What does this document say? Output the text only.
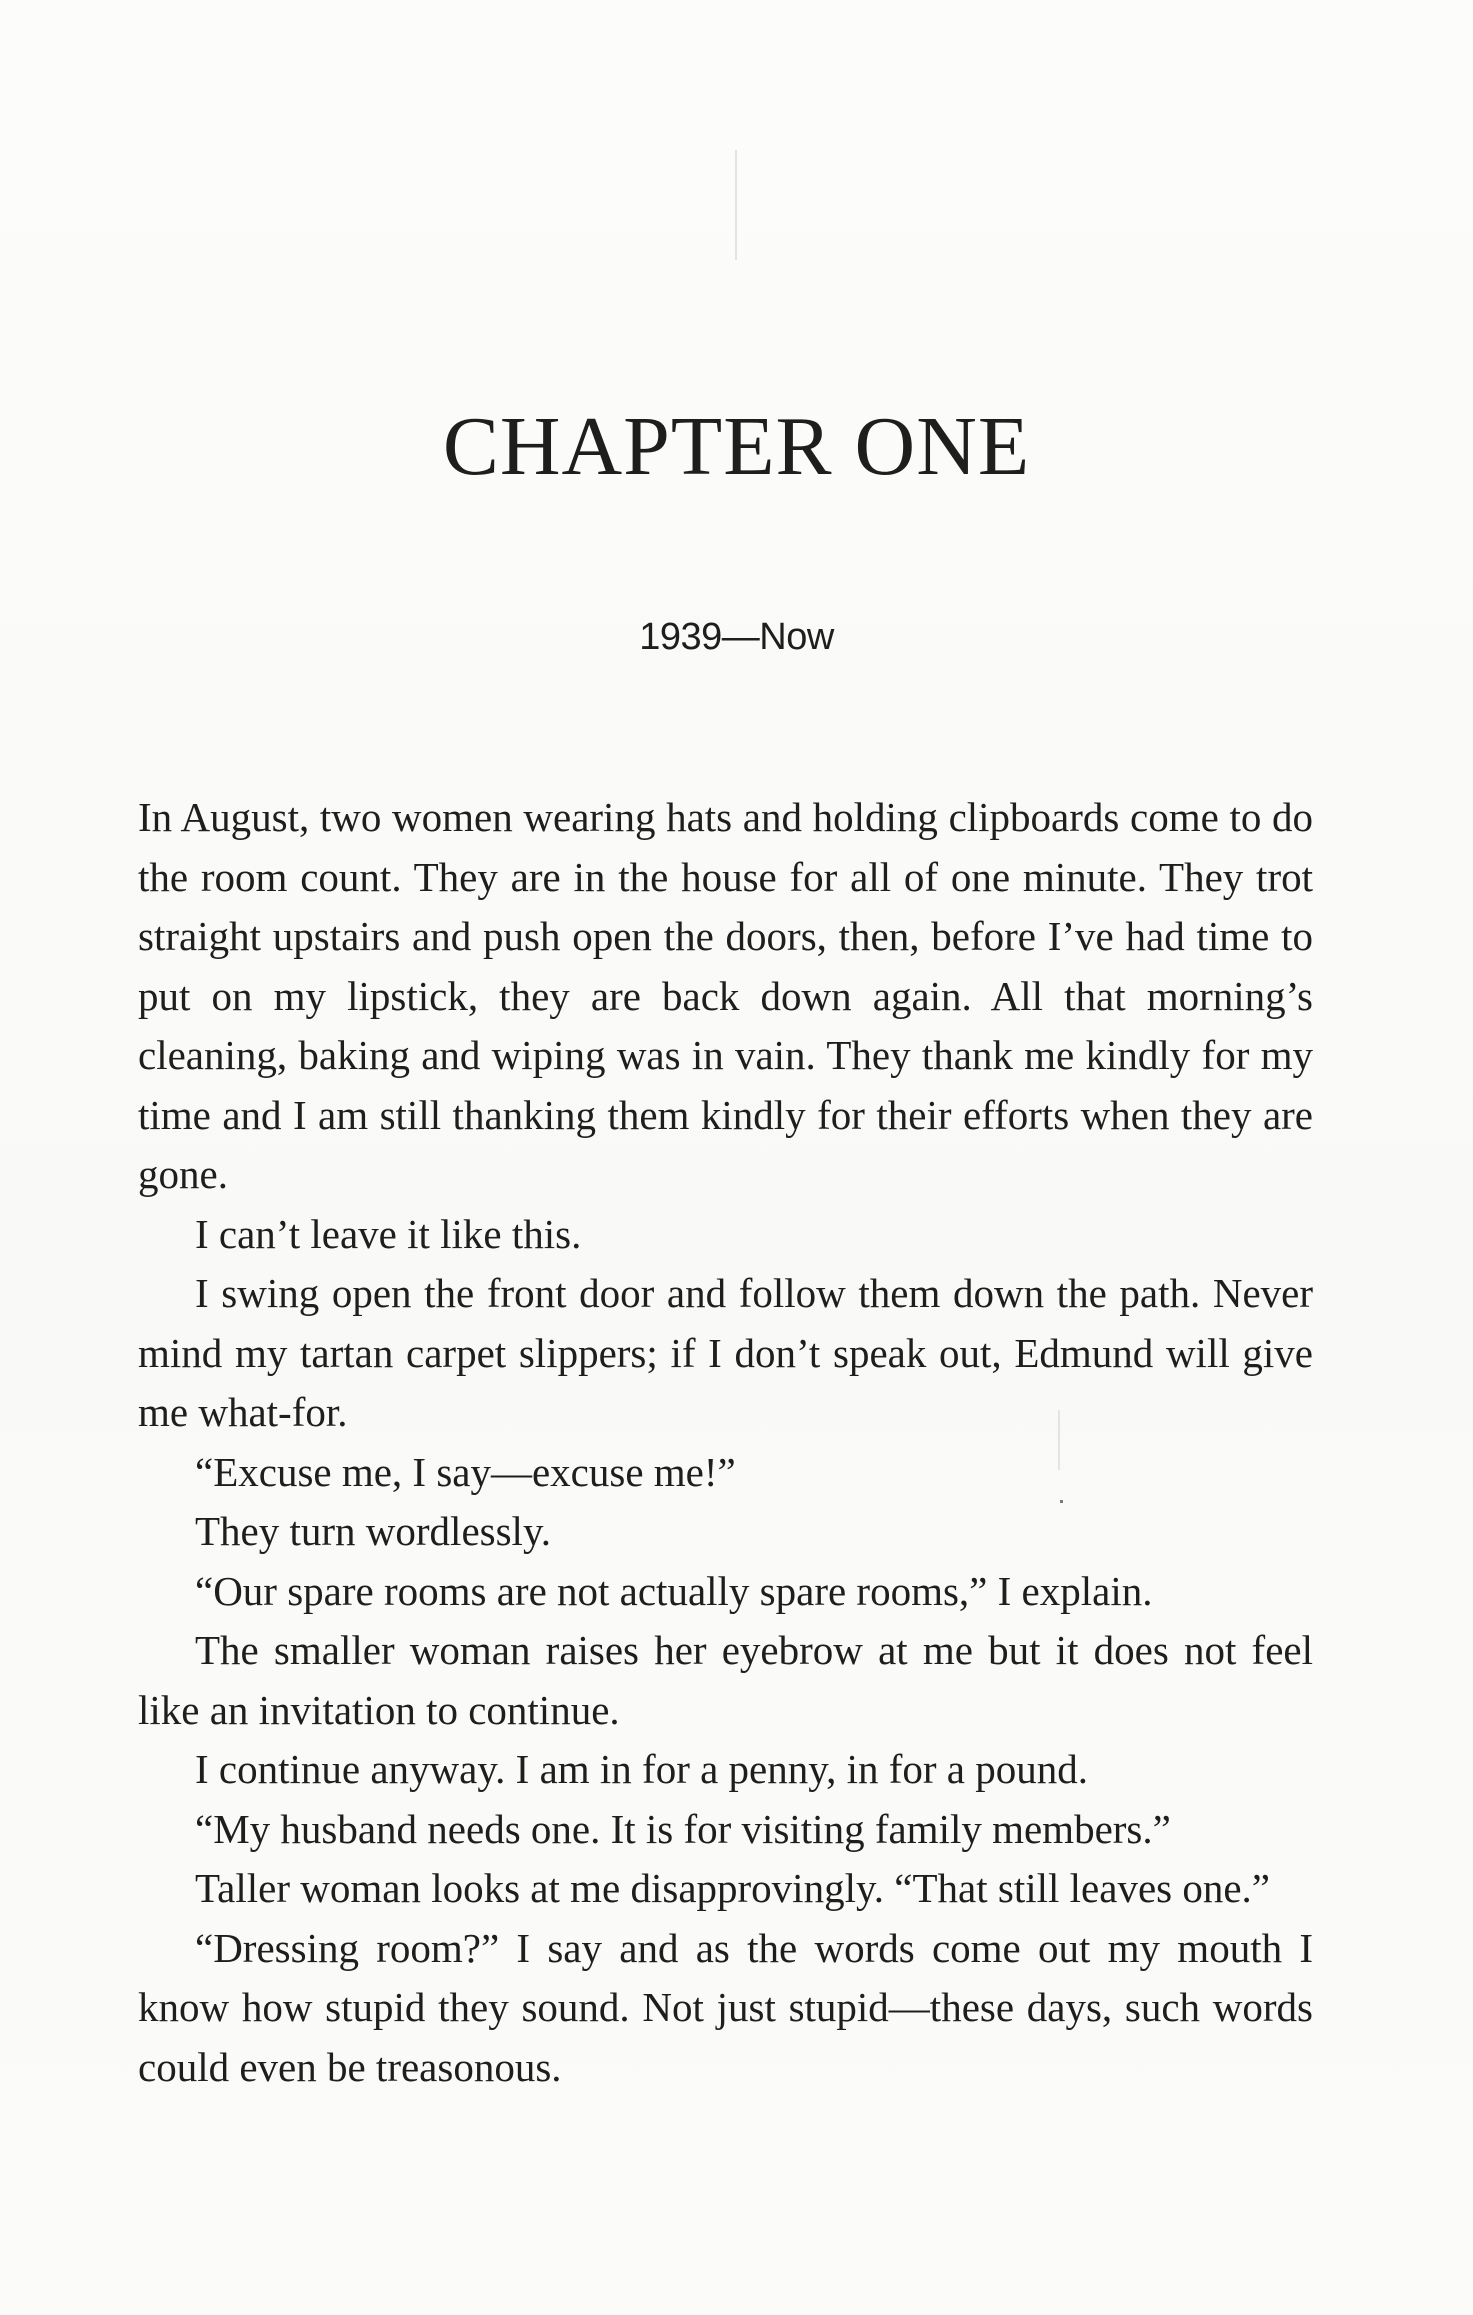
CHAPTER ONE
1939—Now

In August, two women wearing hats and holding clipboards come to do the room count. They are in the house for all of one minute. They trot straight upstairs and push open the doors, then, before I’ve had time to put on my lipstick, they are back down again. All that morning’s cleaning, baking and wiping was in vain. They thank me kindly for my time and I am still thanking them kindly for their efforts when they are gone.

I can’t leave it like this.

I swing open the front door and follow them down the path. Never mind my tartan carpet slippers; if I don’t speak out, Edmund will give me what-for.

“Excuse me, I say—excuse me!”

They turn wordlessly.

“Our spare rooms are not actually spare rooms,” I explain.

The smaller woman raises her eyebrow at me but it does not feel like an invitation to continue.

I continue anyway. I am in for a penny, in for a pound.

“My husband needs one. It is for visiting family members.”

Taller woman looks at me disapprovingly. “That still leaves one.”

“Dressing room?” I say and as the words come out my mouth I know how stupid they sound. Not just stupid—these days, such words could even be treasonous.
